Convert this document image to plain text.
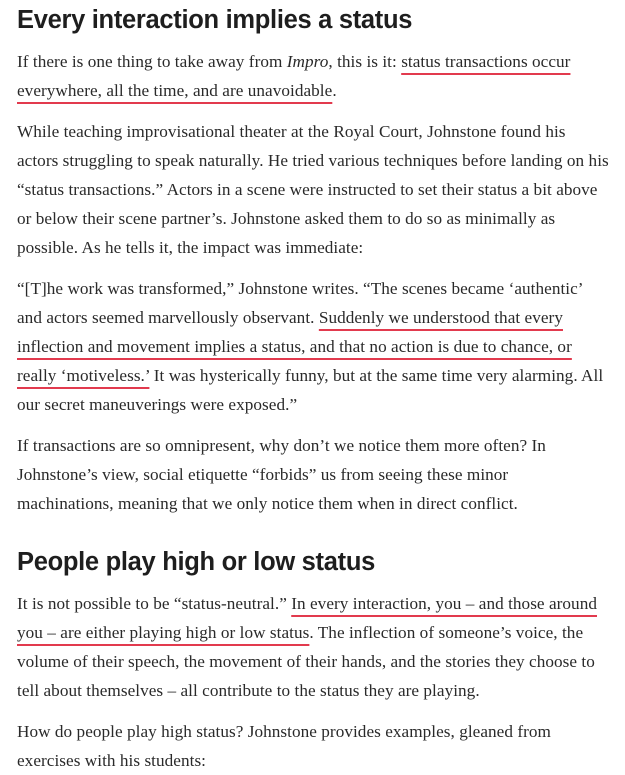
Every interaction implies a status

If there is one thing to take away from Impro, this is it: status transactions occur everywhere, all the time, and are unavoidable.

While teaching improvisational theater at the Royal Court, Johnstone found his actors struggling to speak naturally. He tried various techniques before landing on his “status transactions.” Actors in a scene were instructed to set their status a bit above or below their scene partner’s. Johnstone asked them to do so as minimally as possible. As he tells it, the impact was immediate:

“[T]he work was transformed,” Johnstone writes. “The scenes became ‘authentic’ and actors seemed marvellously observant. Suddenly we understood that every inflection and movement implies a status, and that no action is due to chance, or really ‘motiveless.’ It was hysterically funny, but at the same time very alarming. All our secret maneuverings were exposed.”

If transactions are so omnipresent, why don’t we notice them more often? In Johnstone’s view, social etiquette “forbids” us from seeing these minor machinations, meaning that we only notice them when in direct conflict.

People play high or low status

It is not possible to be “status-neutral.” In every interaction, you – and those around you – are either playing high or low status. The inflection of someone’s voice, the volume of their speech, the movement of their hands, and the stories they choose to tell about themselves – all contribute to the status they are playing.

How do people play high status? Johnstone provides examples, gleaned from exercises with his students:
